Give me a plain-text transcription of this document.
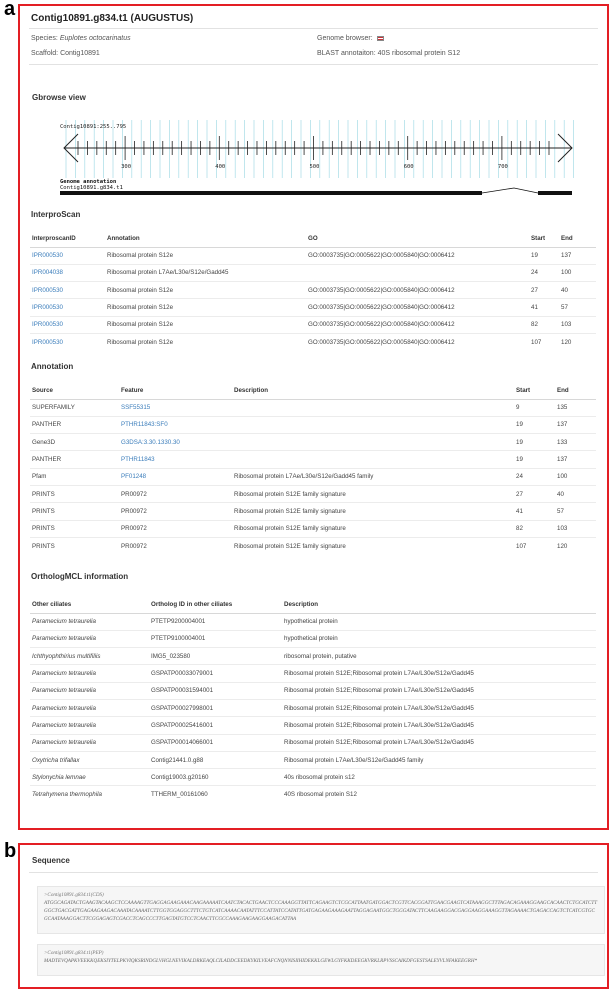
a
b
Contig10891.g834.t1 (AUGUSTUS)
Species: Euplotes octocarinatus	Genome browser:
Scaffold: Contig10891	BLAST annotaiton: 40S ribosomal protein S12
Gbrowse view
Contig10891:255..795
300	400	500	600	700
Genome annotation
Contig10891.g834.t1
InterproScan
InterproscanID	Annotation	GO	Start	End
IPR000530	Ribosomal protein S12e	GO:0003735|GO:0005622|GO:0005840|GO:0006412	19	137
IPR004038	Ribosomal protein L7Ae/L30e/S12e/Gadd45		24	100
IPR000530	Ribosomal protein S12e	GO:0003735|GO:0005622|GO:0005840|GO:0006412	27	40
IPR000530	Ribosomal protein S12e	GO:0003735|GO:0005622|GO:0005840|GO:0006412	41	57
IPR000530	Ribosomal protein S12e	GO:0003735|GO:0005622|GO:0005840|GO:0006412	82	103
IPR000530	Ribosomal protein S12e	GO:0003735|GO:0005622|GO:0005840|GO:0006412	107	120
Annotation
Source	Feature	Description	Start	End
SUPERFAMILY	SSF55315		9	135
PANTHER	PTHR11843:SF0		19	137
Gene3D	G3DSA:3.30.1330.30		19	133
PANTHER	PTHR11843		19	137
Pfam	PF01248	Ribosomal protein L7Ae/L30e/S12e/Gadd45 family	24	100
PRINTS	PR00972	Ribosomal protein S12E family signature	27	40
PRINTS	PR00972	Ribosomal protein S12E family signature	41	57
PRINTS	PR00972	Ribosomal protein S12E family signature	82	103
PRINTS	PR00972	Ribosomal protein S12E family signature	107	120
OrthologMCL information
Other ciliates	Ortholog ID in other ciliates	Description
Paramecium tetraurelia	PTETP9200004001	hypothetical protein
Paramecium tetraurelia	PTETP9100004001	hypothetical protein
Ichthyophthirius multifiliis	IMG5_023580	ribosomal protein, putative
Paramecium tetraurelia	GSPATP00033079001	Ribosomal protein S12E;Ribosomal protein L7Ae/L30e/S12e/Gadd45
Paramecium tetraurelia	GSPATP00031594001	Ribosomal protein S12E;Ribosomal protein L7Ae/L30e/S12e/Gadd45
Paramecium tetraurelia	GSPATP00027998001	Ribosomal protein S12E;Ribosomal protein L7Ae/L30e/S12e/Gadd45
Paramecium tetraurelia	GSPATP00025416001	Ribosomal protein S12E;Ribosomal protein L7Ae/L30e/S12e/Gadd45
Paramecium tetraurelia	GSPATP00014066001	Ribosomal protein S12E;Ribosomal protein L7Ae/L30e/S12e/Gadd45
Oxytricha trifallax	Contig21441.0.g88	Ribosomal protein L7Ae/L30e/S12e/Gadd45 family
Stylonychia lemnae	Contig19003.g20160	40s ribosomal protein s12
Tetrahymena thermophila	TTHERM_00161060	40S ribosomal protein S12
Sequence
>Contig10891.g834.t1(CDS)
ATGGCAGATACTGAAGTACAAGCTCCAAAAGTTGAGGAGAAGAAACAAGAAAAATCAATCTACACTGAACTCCCAAAGGTTATTCAGAAGTCTCGCATTAATGATGGACTCGTTCACGGATTGAACGAAGTCATAAAGGCTTTAGACAGAAAGGAAGCACAACTCTGCATCTTGGCTGACGATTGAGAAGAAGACAAATACAAAATCTTGGTGGAGGCTTTCTGTCATCAAAACAATATTTCCATTATCCATATTGATGAGAAGAAAGAATTAGGAGAATGGCTGGGATACTTCAAGAAGGACGAGGAAGGAAAGGTTAGAAAACTGAGACCAGTCTCATCGTGCGCAATAAAGGACTTCGGAGAGTCGACCTCAGCCCTTGAGTATGTCCTCAACTTCGCCAAAGAAGAAGGAAGACATTAA
>Contig10891.g834.t1(PEP)
MADTEVQAPKVEEKKQEKSIYTELPKVIQKSRINDGLVHGLNEVIKALDRKEAQLCILADDCEEDKYKILVEAFCNQNNISIIHIDEKKLGEWLGYFKKDEEGKVRKLRPVSSCAIKDFGESTSALEYVLNFAKEEGRH*
